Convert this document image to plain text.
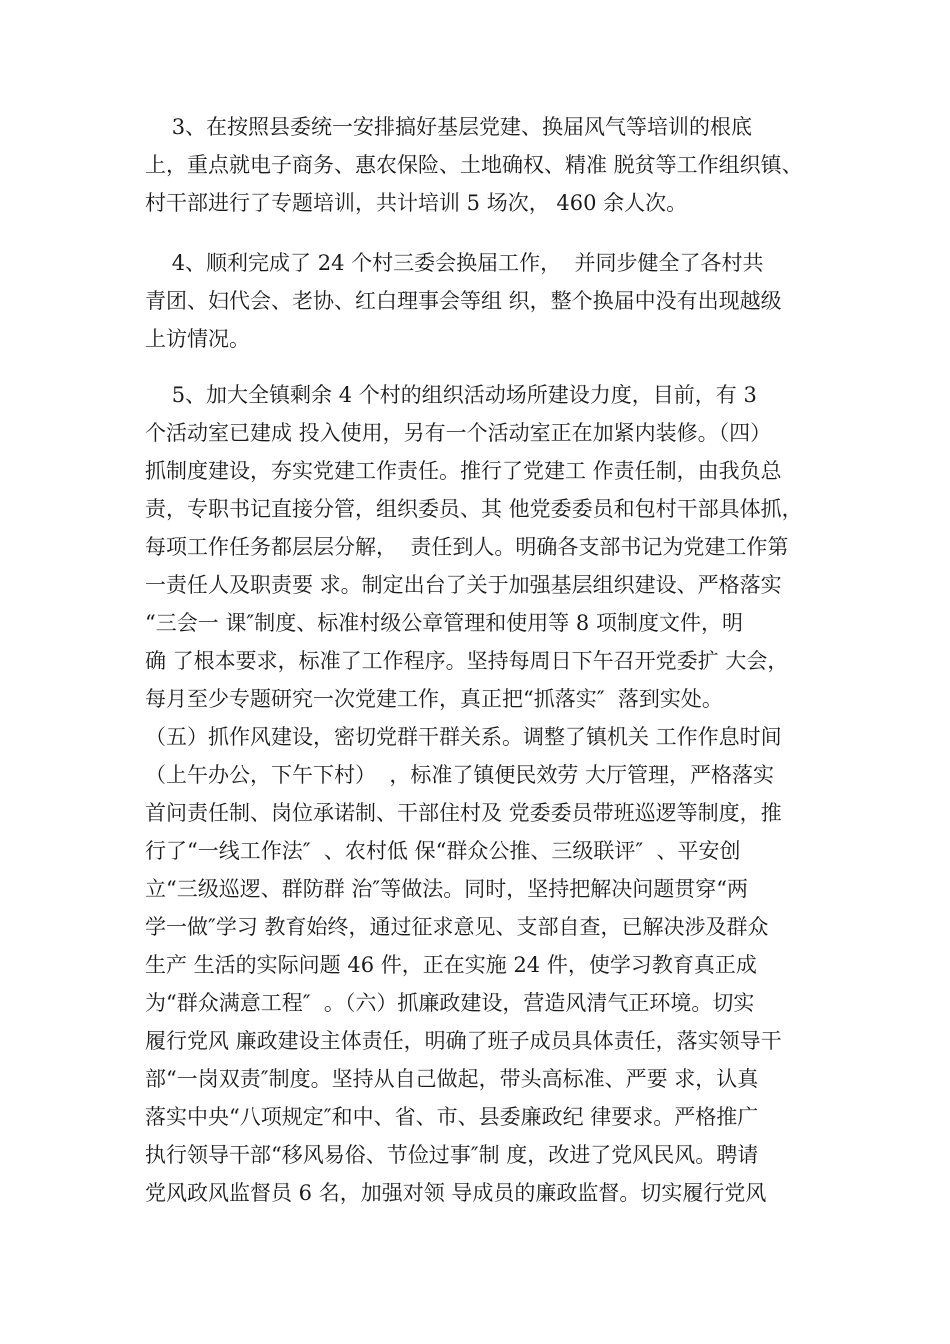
3、在按照县委统一安排搞好基层党建、换届风气等培训的根底
上，重点就电子商务、惠农保险、土地确权、精准 脱贫等工作组织镇、
村干部进行了专题培训，共计培训 5 场次， 460 余人次。
4、顺利完成了 24 个村三委会换届工作，  并同步健全了各村共
青团、妇代会、老协、红白理事会等组 织，整个换届中没有出现越级
上访情况。
5、加大全镇剩余 4 个村的组织活动场所建设力度，目前，有 3
个活动室已建成 投入使用，另有一个活动室正在加紧内装修。（四）
抓制度建设，夯实党建工作责任。推行了党建工 作责任制，由我负总
责，专职书记直接分管，组织委员、其 他党委委员和包村干部具体抓，
每项工作任务都层层分解，  责任到人。明确各支部书记为党建工作第
一责任人及职责要 求。制定出台了关于加强基层组织建设、严格落实
“三会一 课″制度、标准村级公章管理和使用等 8 项制度文件，明
确 了根本要求，标准了工作程序。坚持每周日下午召开党委扩 大会，
每月至少专题研究一次党建工作，真正把“抓落实″  落到实处。
（五）抓作风建设，密切党群干群关系。调整了镇机关 工作作息时间
（上午办公，下午下村）  ，标准了镇便民效劳 大厅管理，严格落实
首问责任制、岗位承诺制、干部住村及 党委委员带班巡逻等制度，推
行了“一线工作法″  、农村低 保“群众公推、三级联评″  、平安创
立“三级巡逻、群防群 治″等做法。同时，坚持把解决问题贯穿“两
学一做″学习 教育始终，通过征求意见、支部自查，已解决涉及群众
生产 生活的实际问题 46 件，正在实施 24 件，使学习教育真正成
为“群众满意工程″  。（六）抓廉政建设，营造风清气正环境。切实
履行党风 廉政建设主体责任，明确了班子成员具体责任，落实领导干
部“一岗双责″制度。坚持从自己做起，带头高标准、严要 求，认真
落实中央“八项规定″和中、省、市、县委廉政纪 律要求。严格推广
执行领导干部“移风易俗、节俭过事″制 度，改进了党风民风。聘请
党风政风监督员 6 名，加强对领 导成员的廉政监督。切实履行党风
